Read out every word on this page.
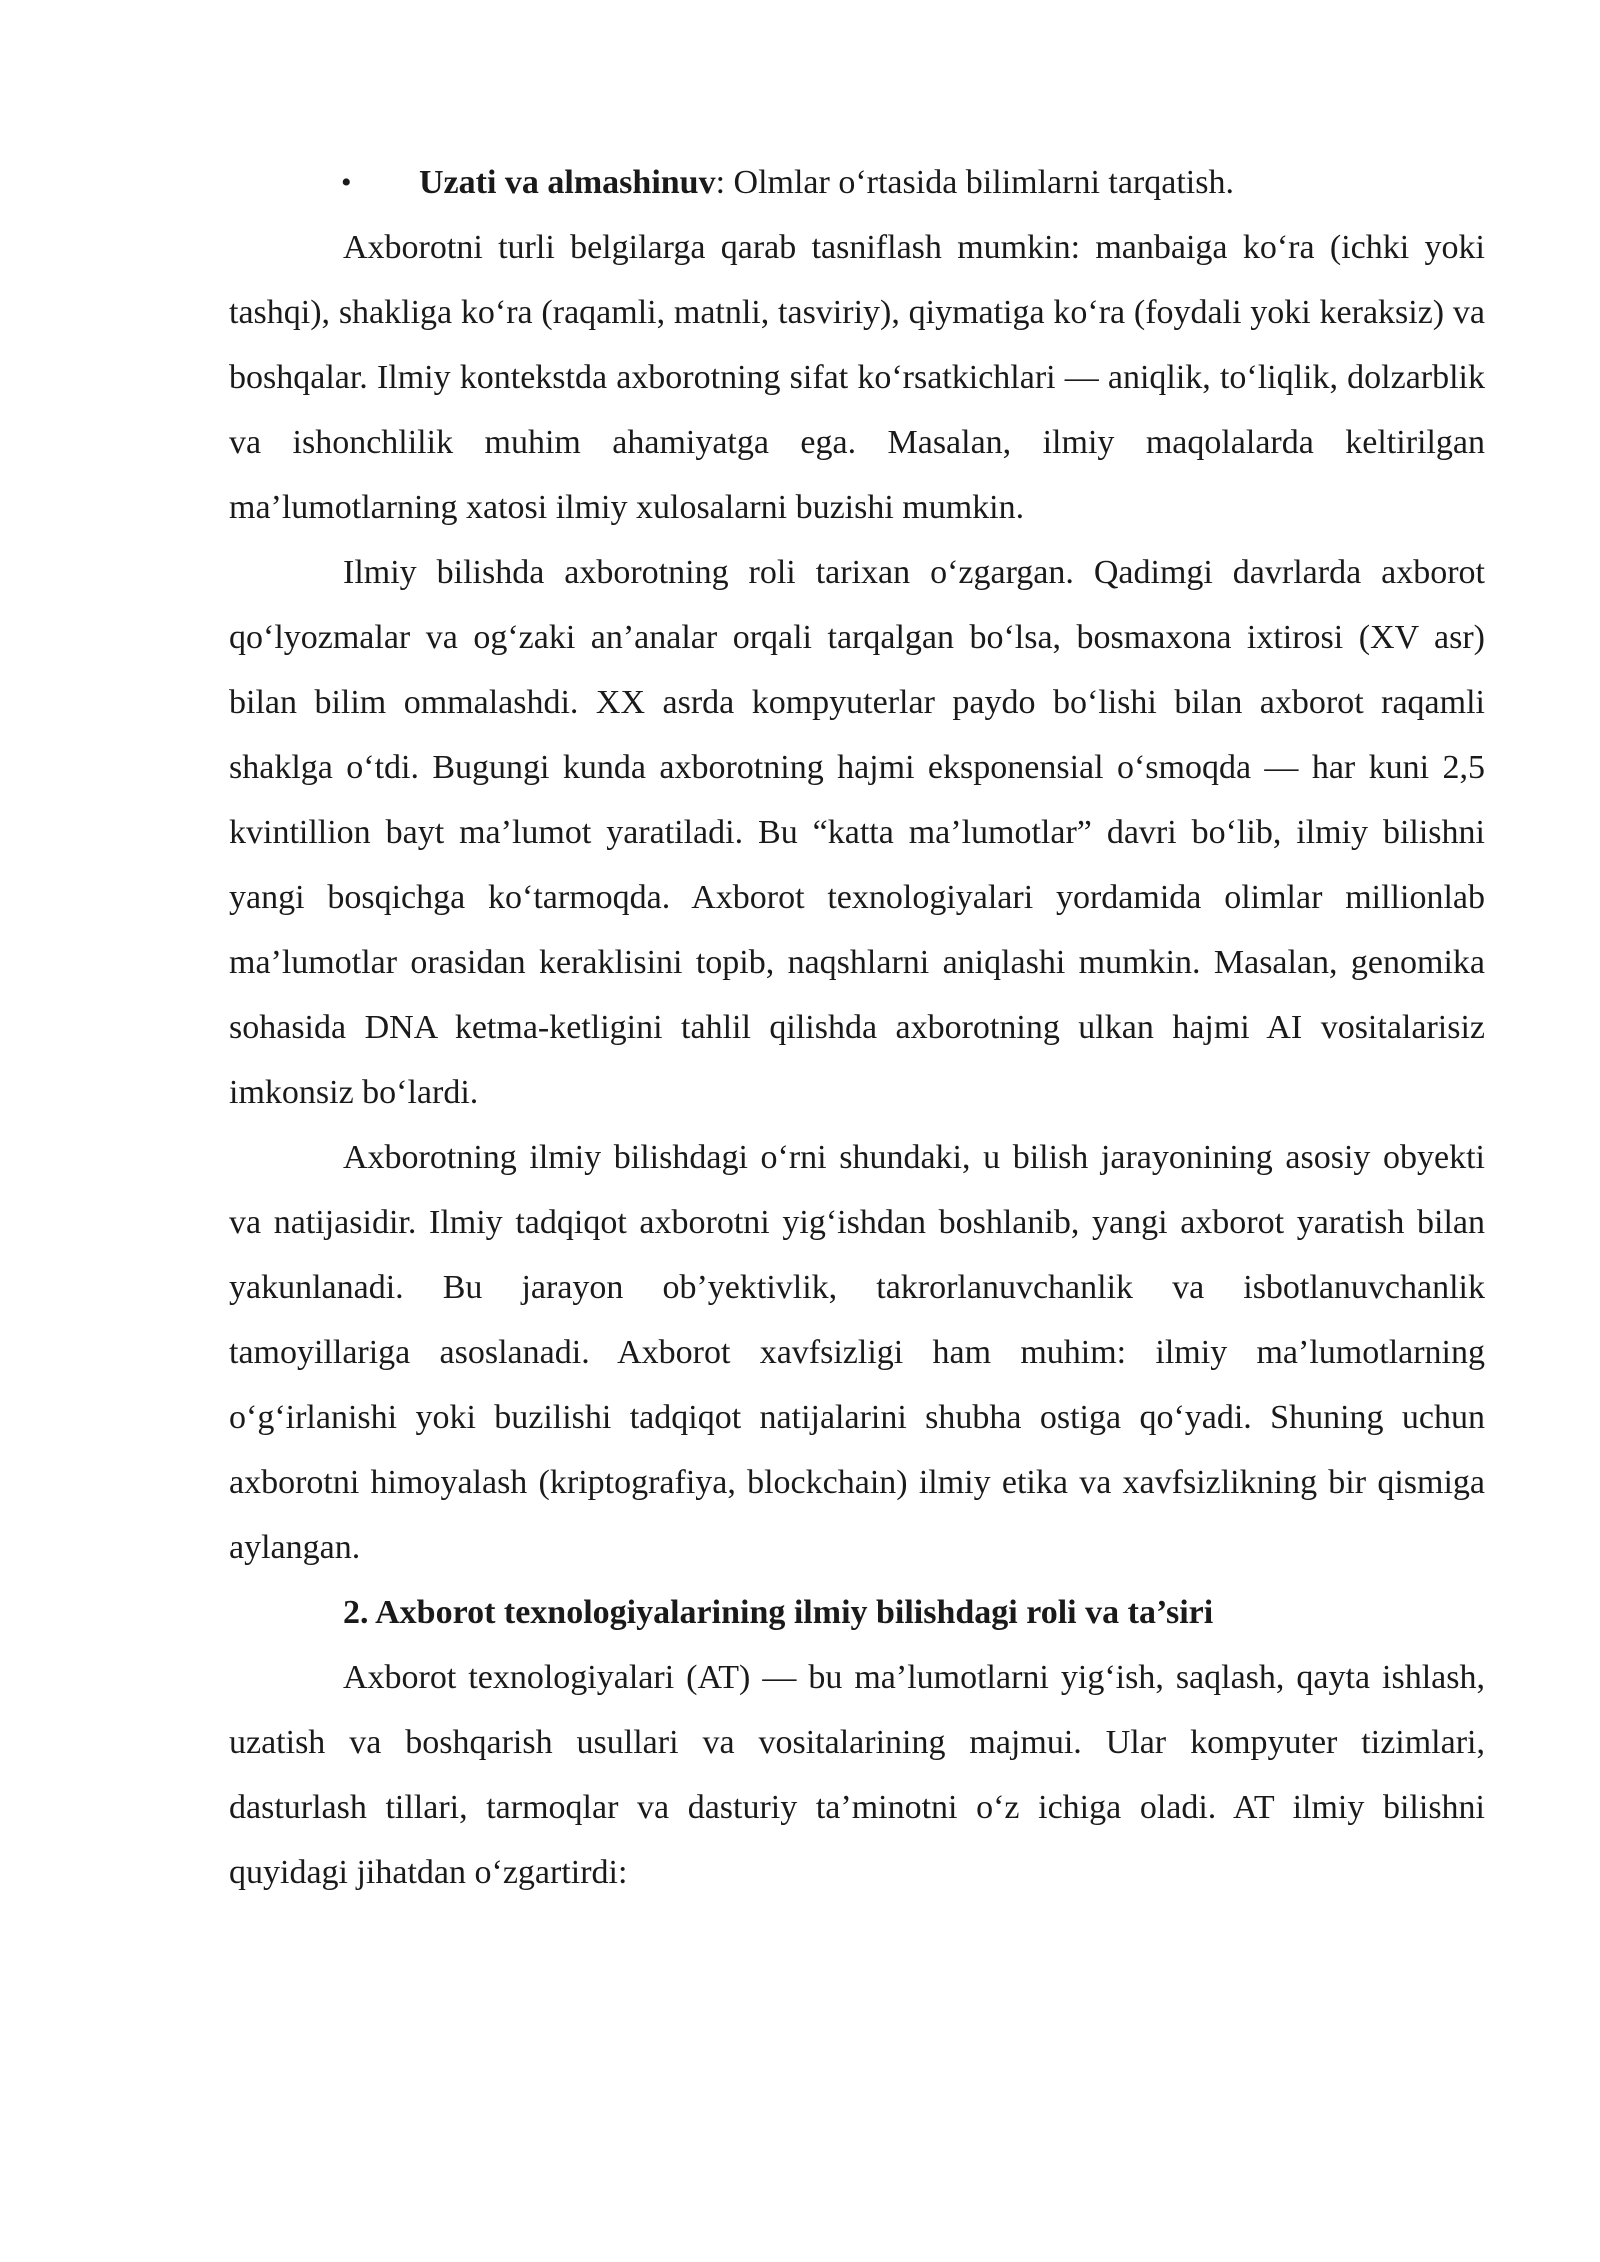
• Uzati va almashinuv: Olmlar o‘rtasida bilimlarni tarqatish.

Axborotni turli belgilarga qarab tasniflash mumkin: manbaiga ko‘ra (ichki yoki tashqi), shakliga ko‘ra (raqamli, matnli, tasviriy), qiymatiga ko‘ra (foydali yoki keraksiz) va boshqalar. Ilmiy kontekstda axborotning sifat ko‘rsatkichlari — aniqlik, to‘liqlik, dolzarblik va ishonchlilik muhim ahamiyatga ega. Masalan, ilmiy maqolalarda keltirilgan ma’lumotlarning xatosi ilmiy xulosalarni buzishi mumkin.

Ilmiy bilishda axborotning roli tarixan o‘zgargan. Qadimgi davrlarda axborot qo‘lyozmalar va og‘zaki an’analar orqali tarqalgan bo‘lsa, bosmaxona ixtirosi (XV asr) bilan bilim ommalashdi. XX asrda kompyuterlar paydo bo‘lishi bilan axborot raqamli shaklga o‘tdi. Bugungi kunda axborotning hajmi eksponensial o‘smoqda — har kuni 2,5 kvintillion bayt ma’lumot yaratiladi. Bu “katta ma’lumotlar” davri bo‘lib, ilmiy bilishni yangi bosqichga ko‘tarmoqda. Axborot texnologiyalari yordamida olimlar millionlab ma’lumotlar orasidan keraklisini topib, naqshlarni aniqlashi mumkin. Masalan, genomika sohasida DNA ketma-ketligini tahlil qilishda axborotning ulkan hajmi AI vositalarisiz imkonsiz bo‘lardi.

Axborotning ilmiy bilishdagi o‘rni shundaki, u bilish jarayonining asosiy obyekti va natijasidir. Ilmiy tadqiqot axborotni yig‘ishdan boshlanib, yangi axborot yaratish bilan yakunlanadi. Bu jarayon ob’yektivlik, takrorlanuvchanlik va isbotlanuvchanlik tamoyillariga asoslanadi. Axborot xavfsizligi ham muhim: ilmiy ma’lumotlarning o‘g‘irlanishi yoki buzilishi tadqiqot natijalarini shubha ostiga qo‘yadi. Shuning uchun axborotni himoyalash (kriptografiya, blockchain) ilmiy etika va xavfsizlikning bir qismiga aylangan.

2. Axborot texnologiyalarining ilmiy bilishdagi roli va ta’siri

Axborot texnologiyalari (AT) — bu ma’lumotlarni yig‘ish, saqlash, qayta ishlash, uzatish va boshqarish usullari va vositalarining majmui. Ular kompyuter tizimlari, dasturlash tillari, tarmoqlar va dasturiy ta’minotni o‘z ichiga oladi. AT ilmiy bilishni quyidagi jihatdan o‘zgartirdi:
